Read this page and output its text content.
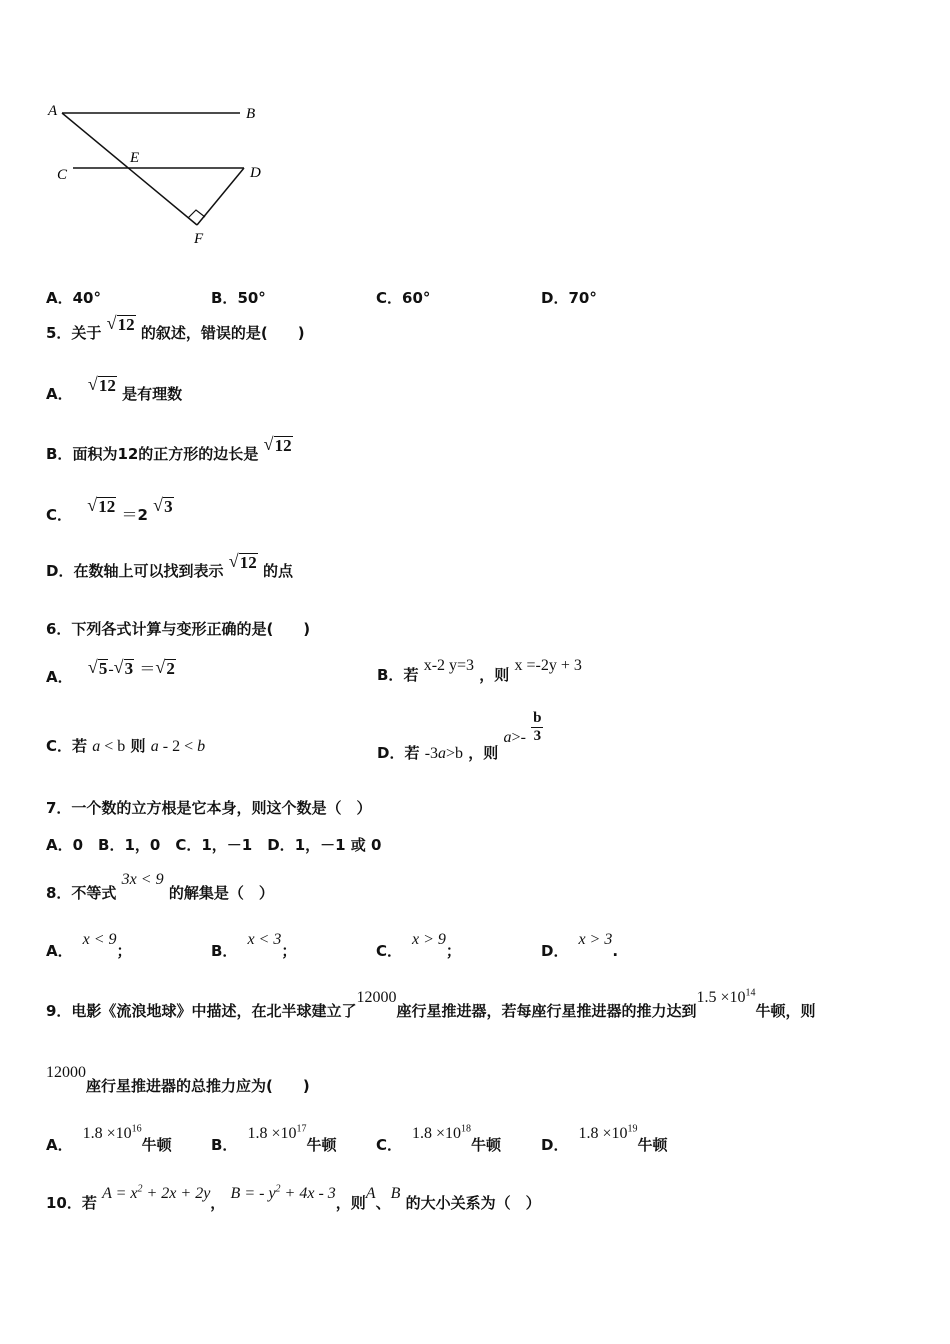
A	B
C	D
E
F
A．40°	B．50°	C．60°	D．70°
5．关于 √ 12 的叙述，错误的是(　　)
A． √ 12 是有理数
B．面积为12的正方形的边长是 √ 12
C． √ 12 ＝2 √ 3
D．在数轴上可以找到表示 √ 12 的点
6．下列各式计算与变形正确的是(　　)
A． √ 5- √ 3 ＝ √ 2	B．若 x-2 y=3 ，则 x =-2y + 3
C．若 a < b 则 a - 2 < b	D．若 -3a>b ，则 $a>- \frac{b}{3}$
7．一个数的立方根是它本身，则这个数是（　）
A．0　B．1，0　C．1，－1　D．1，－1 或 0
8．不等式 3x < 9 的解集是（　）
A．x < 9；	B．x < 3；	C．x > 9；	D．x > 3.
9．电影《流浪地球》中描述，在北半球建立了12000座行星推进器，若每座行星推进器的推力达到$1.5 \times 10^{14}$牛顿，则
12000座行星推进器的总推力应为(　　)
A．$1.8 \times 10^{16}$牛顿	B．$1.8 \times 10^{17}$牛顿	C．$1.8 \times 10^{18}$牛顿	D．$1.8 \times 10^{19}$牛顿
10．若 $A = x^2 + 2x + 2y$， B = - $y^2 + 4x - 3$，则A、B 的大小关系为（　）
